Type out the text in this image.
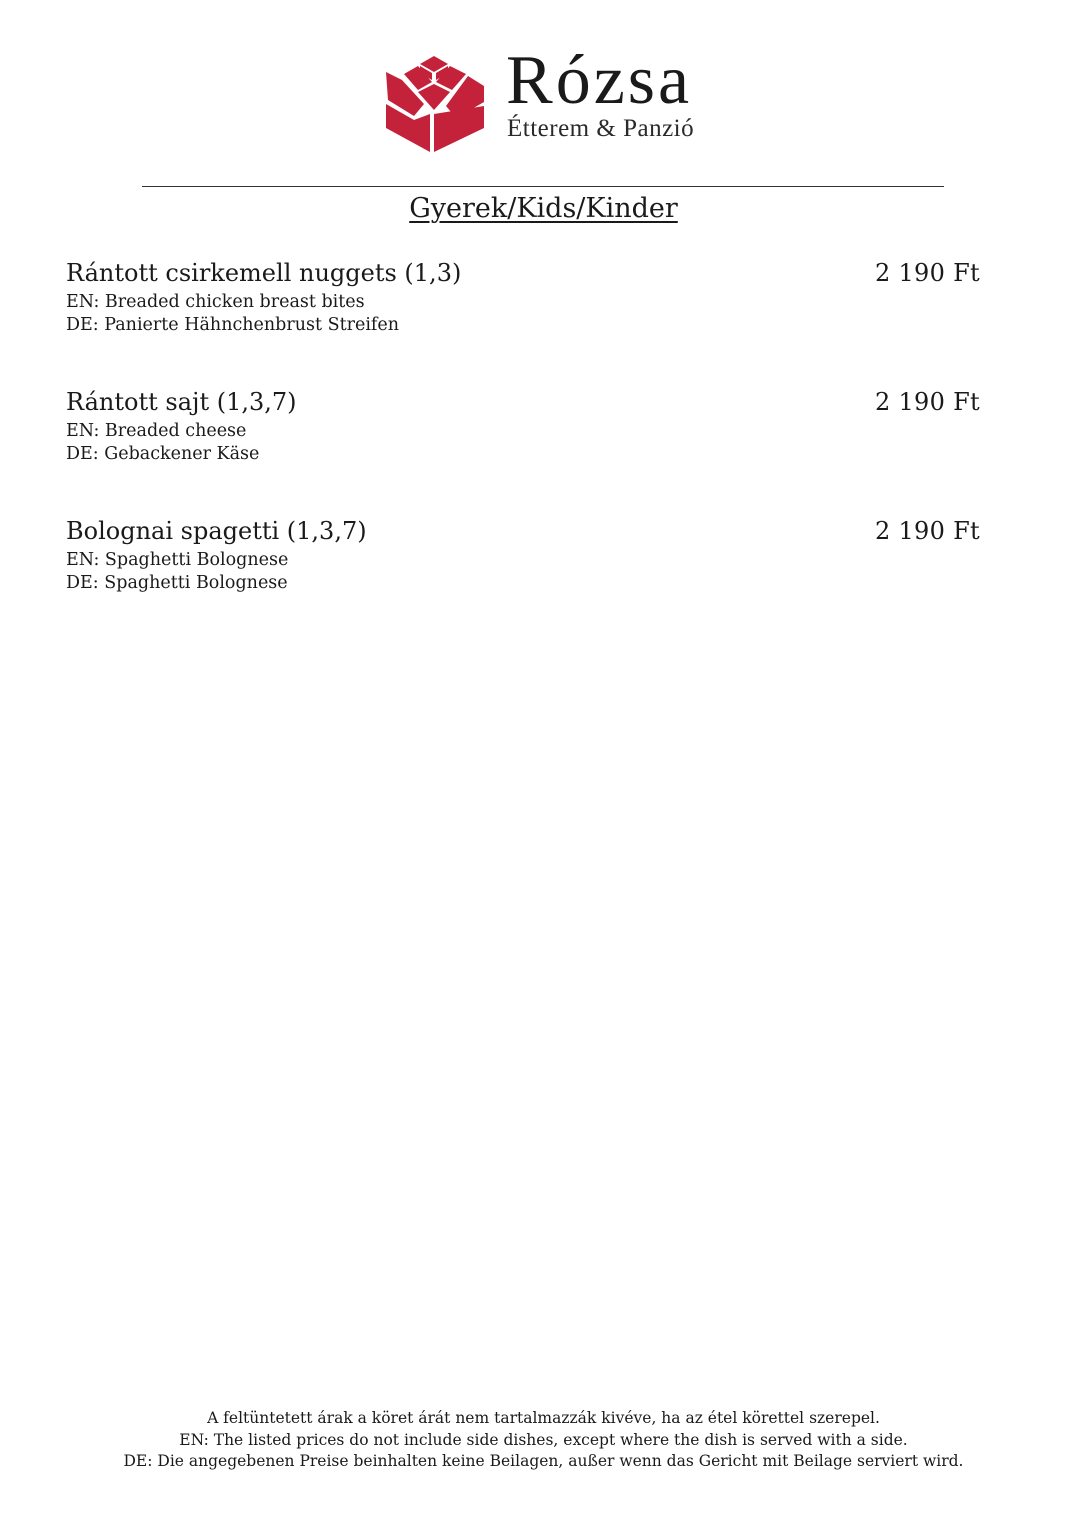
Rózsa
Étterem & Panzió
Gyerek/Kids/Kinder
Rántott csirkemell nuggets (1,3)	2 190 Ft
EN: Breaded chicken breast bites
DE: Panierte Hähnchenbrust Streifen
Rántott sajt (1,3,7)	2 190 Ft
EN: Breaded cheese
DE: Gebackener Käse
Bolognai spagetti (1,3,7)	2 190 Ft
EN: Spaghetti Bolognese
DE: Spaghetti Bolognese
A feltüntetett árak a köret árát nem tartalmazzák kivéve, ha az étel körettel szerepel.
EN: The listed prices do not include side dishes, except where the dish is served with a side.
DE: Die angegebenen Preise beinhalten keine Beilagen, außer wenn das Gericht mit Beilage serviert wird.
